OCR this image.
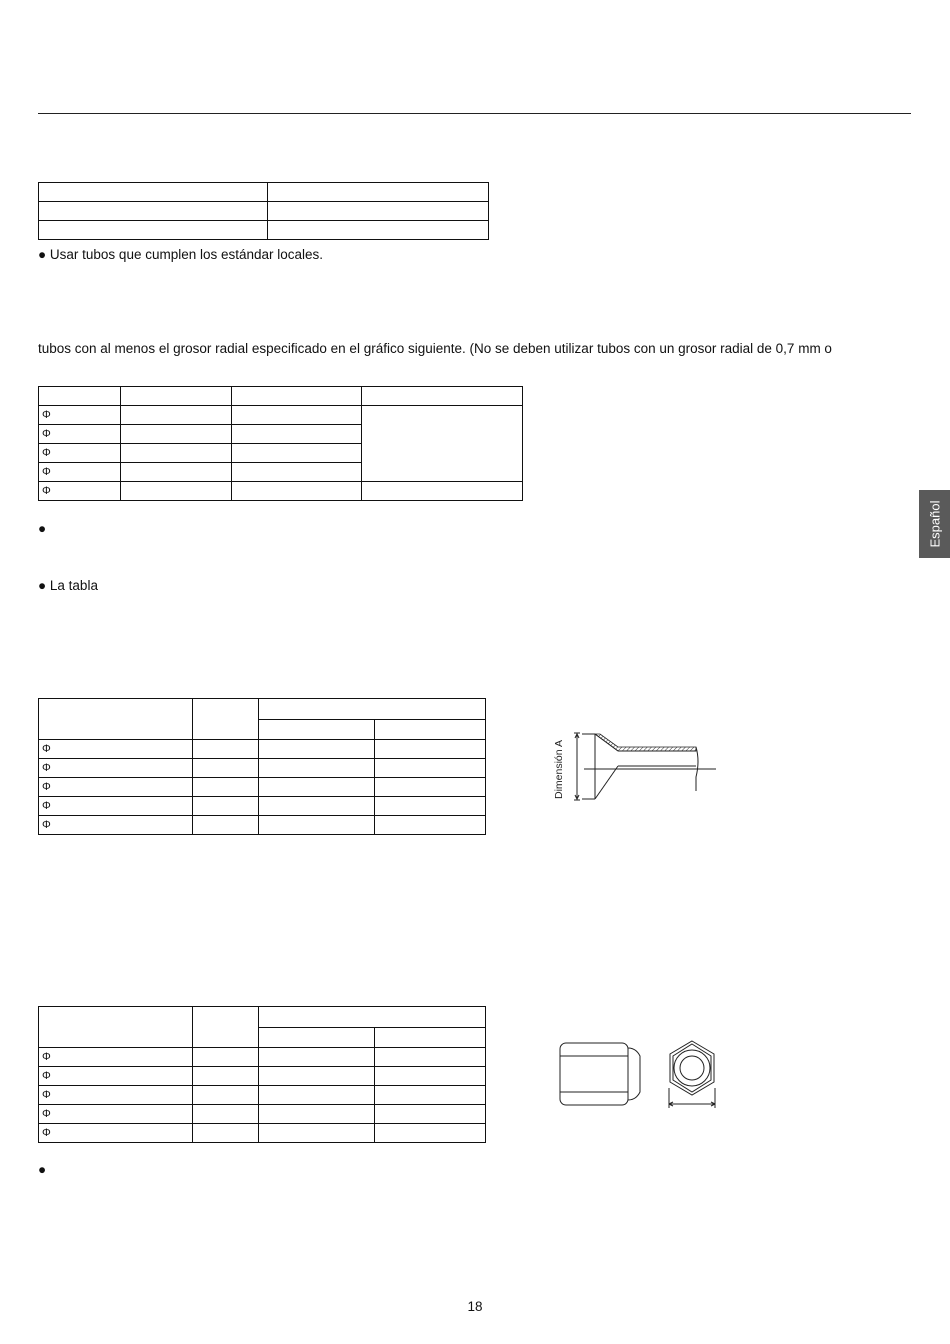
● Usar tubos que cumplen los estándar locales.
tubos con al menos el grosor radial especificado en el gráfico siguiente. (No se deben utilizar tubos con un grosor radial de 0,7 mm o

Φ			
Φ			
Φ			
Φ			
Φ			
●
● La tabla

Φ			
Φ			
Φ			
Φ			
Φ			
Dimensión A

Φ			
Φ			
Φ			
Φ			
Φ			
●
Español
18
